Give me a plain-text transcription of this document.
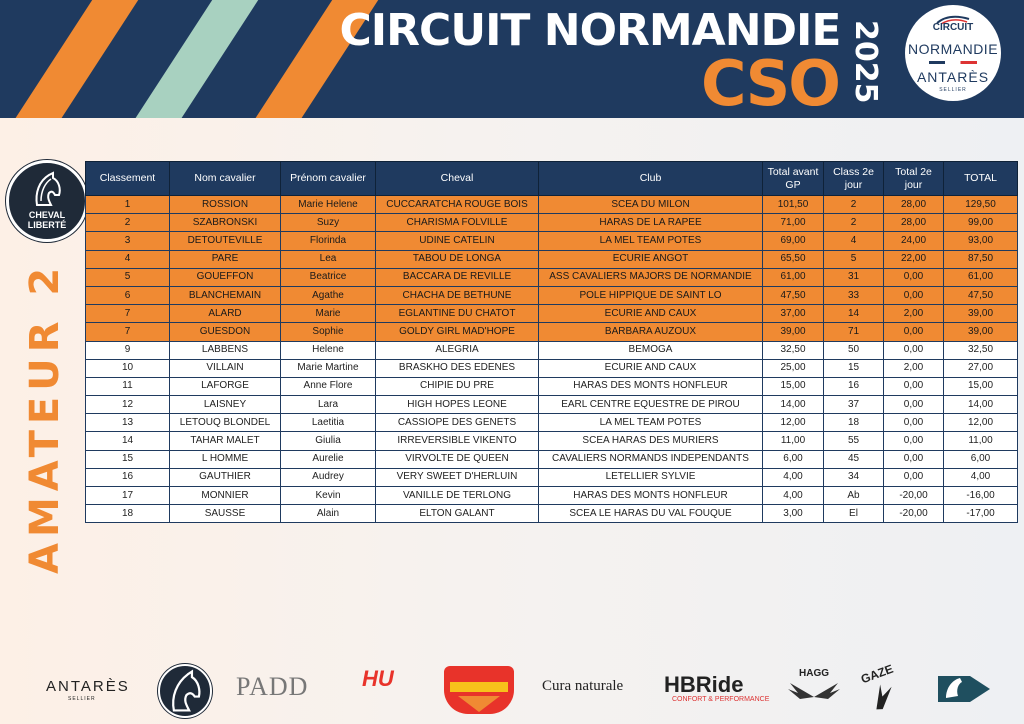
CIRCUIT NORMANDIE
CSO 2025	CIRCUIT
NORMANDIE
ANTARÈS
SELLIER
CHEVAL
LIBERTÉ
AMATEUR 2
Classement	Nom cavalier	Prénom cavalier	Cheval	Club	Total avant GP	Class 2e jour	Total 2e jour	TOTAL
1	ROSSION	Marie Helene	CUCCARATCHA ROUGE BOIS	SCEA DU MILON	101,50	2	28,00	129,50
2	SZABRONSKI	Suzy	CHARISMA FOLVILLE	HARAS DE LA RAPEE	71,00	2	28,00	99,00
3	DETOUTEVILLE	Florinda	UDINE CATELIN	LA MEL TEAM POTES	69,00	4	24,00	93,00
4	PARE	Lea	TABOU DE LONGA	ECURIE ANGOT	65,50	5	22,00	87,50
5	GOUEFFON	Beatrice	BACCARA DE REVILLE	ASS CAVALIERS MAJORS DE NORMANDIE	61,00	31	0,00	61,00
6	BLANCHEMAIN	Agathe	CHACHA DE BETHUNE	POLE HIPPIQUE DE SAINT LO	47,50	33	0,00	47,50
7	ALARD	Marie	EGLANTINE DU CHATOT	ECURIE AND CAUX	37,00	14	2,00	39,00
7	GUESDON	Sophie	GOLDY GIRL MAD'HOPE	BARBARA AUZOUX	39,00	71	0,00	39,00
9	LABBENS	Helene	ALEGRIA	BEMOGA	32,50	50	0,00	32,50
10	VILLAIN	Marie Martine	BRASKHO DES EDENES	ECURIE AND CAUX	25,00	15	2,00	27,00
11	LAFORGE	Anne Flore	CHIPIE DU PRE	HARAS DES MONTS HONFLEUR	15,00	16	0,00	15,00
12	LAISNEY	Lara	HIGH HOPES LEONE	EARL CENTRE EQUESTRE DE PIROU	14,00	37	0,00	14,00
13	LETOUQ BLONDEL	Laetitia	CASSIOPE DES GENETS	LA MEL TEAM POTES	12,00	18	0,00	12,00
14	TAHAR MALET	Giulia	IRREVERSIBLE VIKENTO	SCEA HARAS DES MURIERS	11,00	55	0,00	11,00
15	L HOMME	Aurelie	VIRVOLTE DE QUEEN	CAVALIERS NORMANDS INDEPENDANTS	6,00	45	0,00	6,00
16	GAUTHIER	Audrey	VERY SWEET D'HERLUIN	LETELLIER SYLVIE	4,00	34	0,00	4,00
17	MONNIER	Kevin	VANILLE DE TERLONG	HARAS DES MONTS HONFLEUR	4,00	Ab	-20,00	-16,00
18	SAUSSE	Alain	ELTON GALANT	SCEA LE HARAS DU VAL FOUQUE	3,00	El	-20,00	-17,00
ANTARÈS
SELLIER	PADD HU	Cura naturale HBRide
CONFORT & PERFORMANCE
HAGG	GAZE
